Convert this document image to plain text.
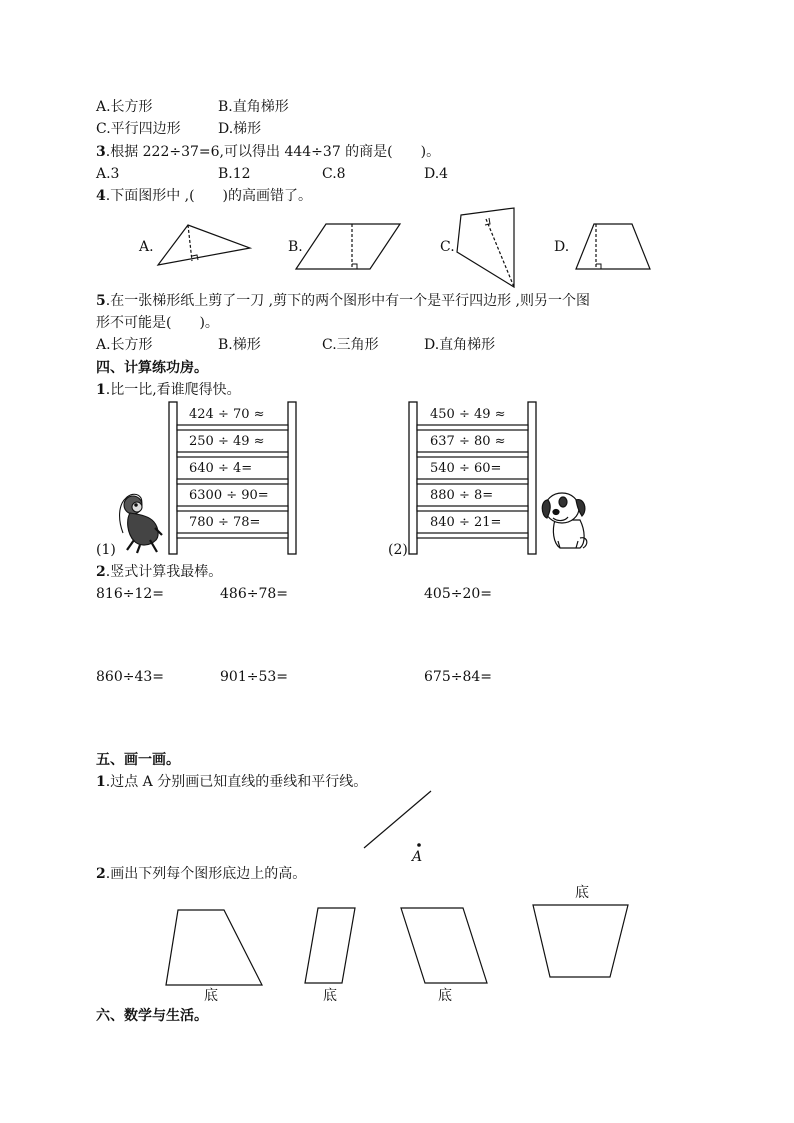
A.长方形	B.直角梯形
C.平行四边形	D.梯形
3.根据 222÷37=6,可以得出 444÷37 的商是(　　)。
A.3	B.12	C.8	D.4
4.下面图形中 ,(　　)的高画错了。
A.	B.	C.	D.
5.在一张梯形纸上剪了一刀 ,剪下的两个图形中有一个是平行四边形 ,则另一个图
形不可能是(　　)。
A.长方形	B.梯形	C.三角形	D.直角梯形
四、计算练功房。
1.比一比,看谁爬得快。
424 ÷ 70 ≈
250 ÷ 49 ≈
640 ÷ 4=
6300 ÷ 90=
780 ÷ 78=
(1)
450 ÷ 49 ≈
637 ÷ 80 ≈
540 ÷ 60=
880 ÷ 8=
840 ÷ 21=
(2)
2.竖式计算我最棒。
816÷12=	486÷78=	405÷20=
860÷43=	901÷53=	675÷84=
五、画一画。
1.过点 A 分别画已知直线的垂线和平行线。
A
2.画出下列每个图形底边上的高。
底	底	底
底
六、数学与生活。
